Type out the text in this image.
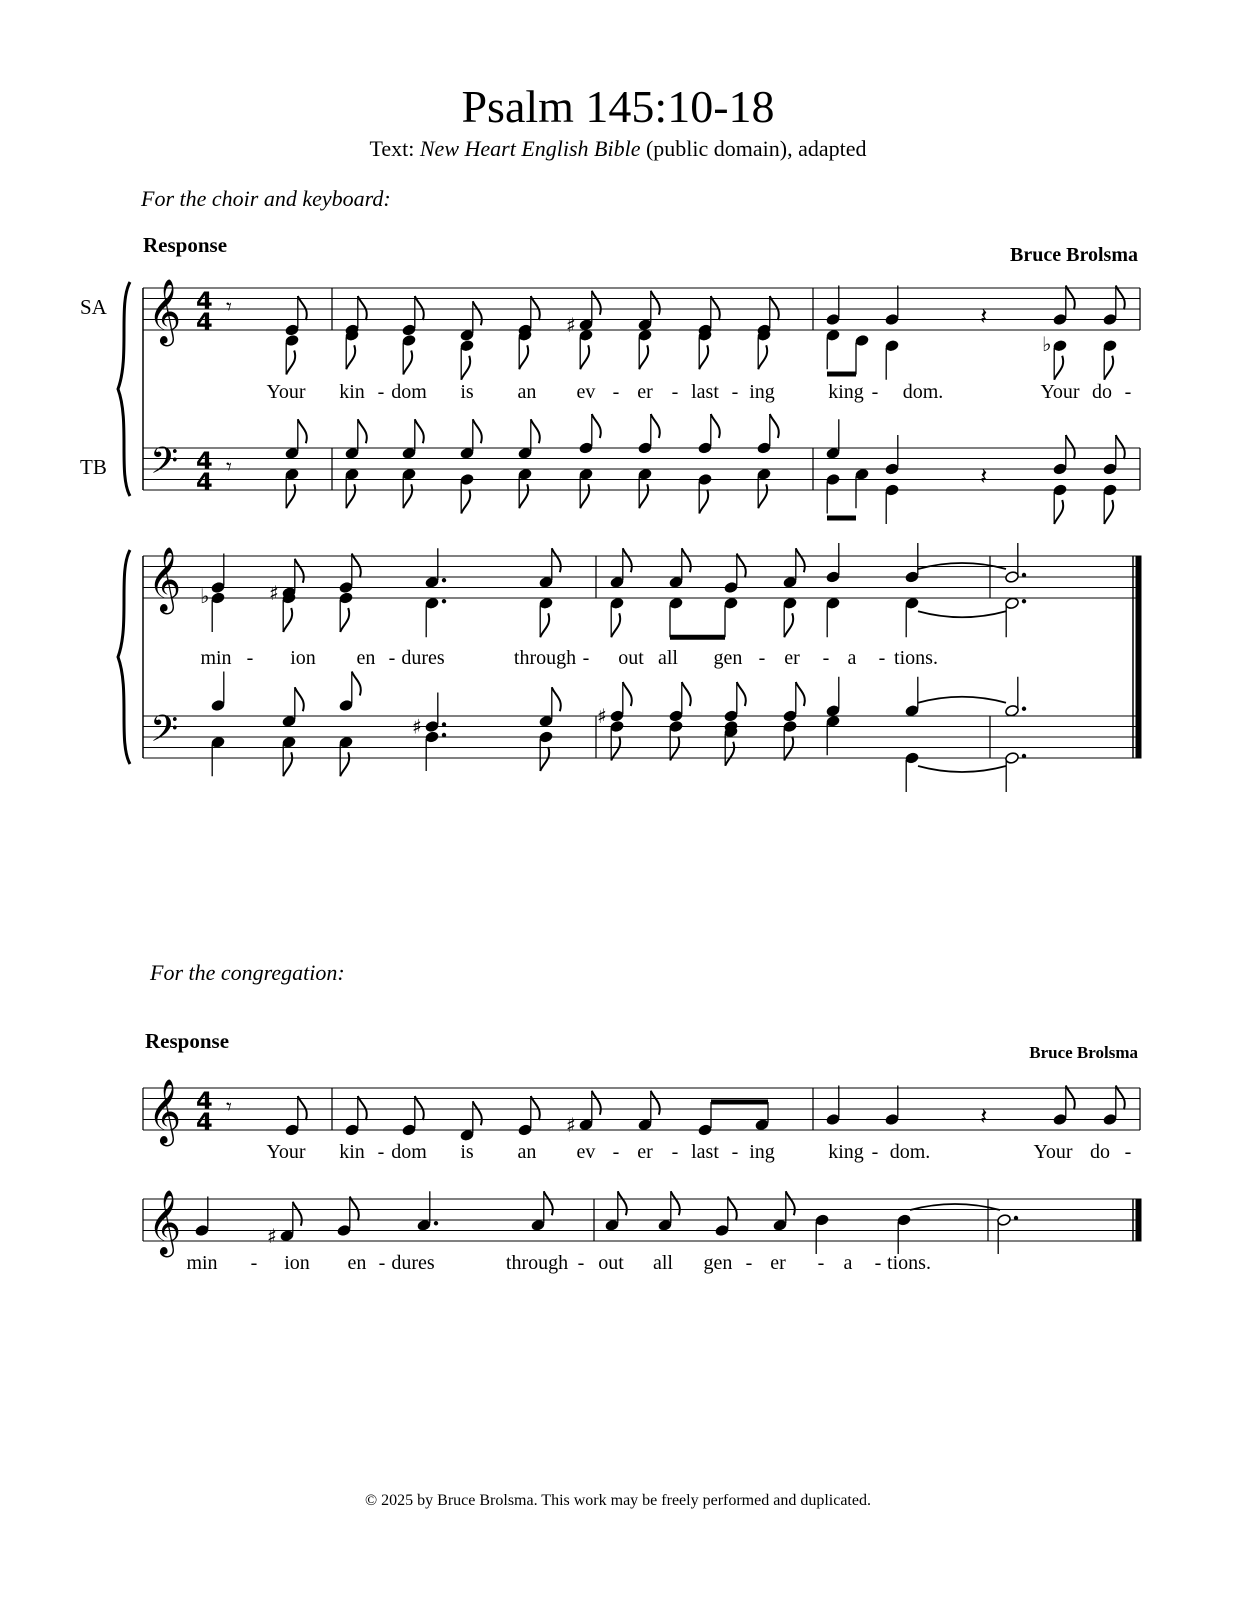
Psalm 145:10-18
Text: New Heart English Bible (public domain), adapted
For the choir and keyboard:
Response	Bruce Brolsma
SA
TB
For the congregation:
Response	Bruce Brolsma
© 2025 by Bruce Brolsma. This work may be freely performed and duplicated.
𝄞 4
4
𝄢 4
4
𝄾
𝄾
♯	𝄽
𝄽
♭
𝄞
𝄢
♭	♯
♯	♯
𝄞 4
4
𝄾
♯	𝄽
𝄞	♯
Your kin - dom is an ev - er - last - ing	king - dom.	Your do -
min - ion en - dures	through - out all gen - er - a - tions.
Your kin - dom is an ev - er - last - ing	king - dom.	Your do -
min - ion en - dures	through - out all gen - er - a - tions.
